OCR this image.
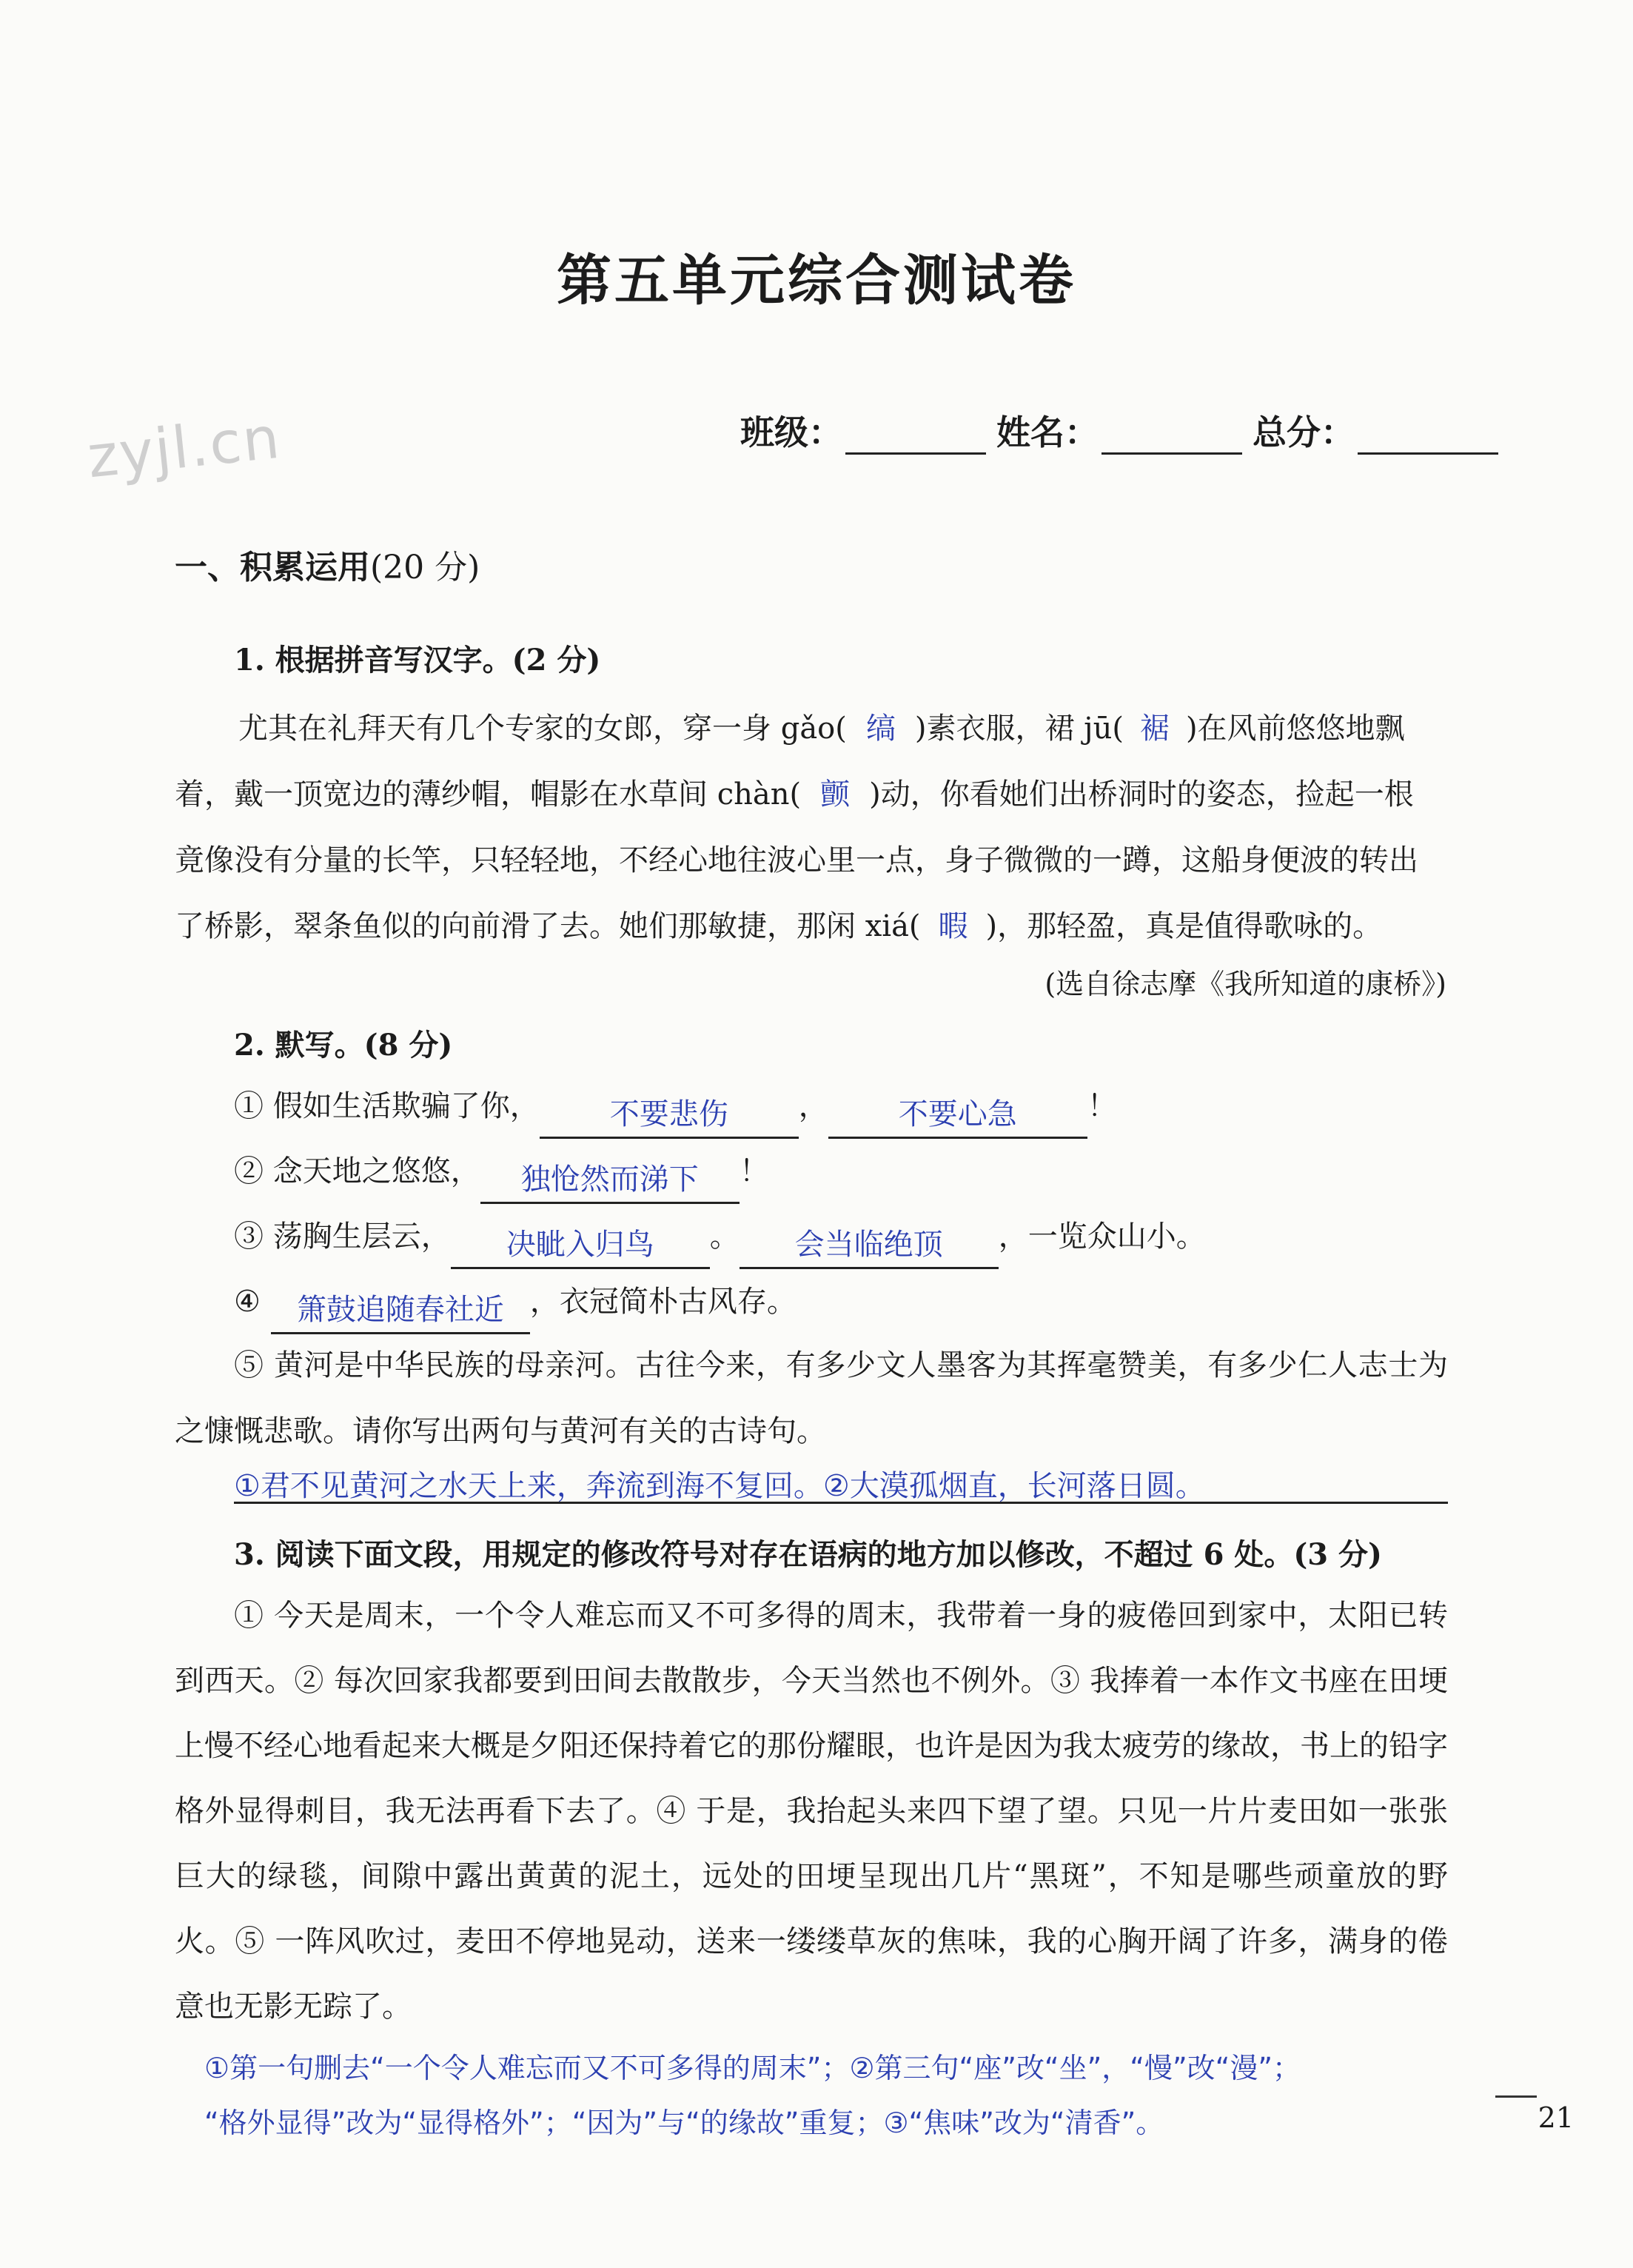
第五单元综合测试卷
zyjl.cn	班级：	姓名：	总分：
一、积累运用(20 分)
1. 根据拼音写汉字。(2 分)
尤其在礼拜天有几个专家的女郎，穿一身 gǎo( 缟 )素衣服，裙 jū( 裾 )在风前悠悠地飘
着，戴一顶宽边的薄纱帽，帽影在水草间 chàn( 颤 )动，你看她们出桥洞时的姿态，捡起一根
竟像没有分量的长竿，只轻轻地，不经心地往波心里一点，身子微微的一蹲，这船身便波的转出
了桥影，翠条鱼似的向前滑了去。她们那敏捷，那闲 xiá( 暇 )，那轻盈，真是值得歌咏的。
(选自徐志摩《我所知道的康桥》)
2. 默写。(8 分)
① 假如生活欺骗了你， 不要悲伤 ， 不要心急 ！
② 念天地之悠悠， 独怆然而涕下 ！
③ 荡胸生层云， 决眦入归鸟 。 会当临绝顶 ，一览众山小。
④ 箫鼓追随春社近 ，衣冠简朴古风存。
⑤ 黄河是中华民族的母亲河。古往今来，有多少文人墨客为其挥毫赞美，有多少仁人志士为之慷慨悲歌。请你写出两句与黄河有关的古诗句。
①君不见黄河之水天上来，奔流到海不复回。②大漠孤烟直，长河落日圆。
3. 阅读下面文段，用规定的修改符号对存在语病的地方加以修改，不超过 6 处。(3 分)
① 今天是周末，一个令人难忘而又不可多得的周末，我带着一身的疲倦回到家中，太阳已转到西天。② 每次回家我都要到田间去散散步，今天当然也不例外。③ 我捧着一本作文书座在田埂上慢不经心地看起来大概是夕阳还保持着它的那份耀眼，也许是因为我太疲劳的缘故，书上的铅字格外显得刺目，我无法再看下去了。④ 于是，我抬起头来四下望了望。只见一片片麦田如一张张巨大的绿毯，间隙中露出黄黄的泥土，远处的田埂呈现出几片“黑斑”，不知是哪些顽童放的野火。⑤ 一阵风吹过，麦田不停地晃动，送来一缕缕草灰的焦味，我的心胸开阔了许多，满身的倦意也无影无踪了。
①第一句删去“一个令人难忘而又不可多得的周末”；②第三句“座”改“坐”，“慢”改“漫”；
“格外显得”改为“显得格外”；“因为”与“的缘故”重复；③“焦味”改为“清香”。	21
